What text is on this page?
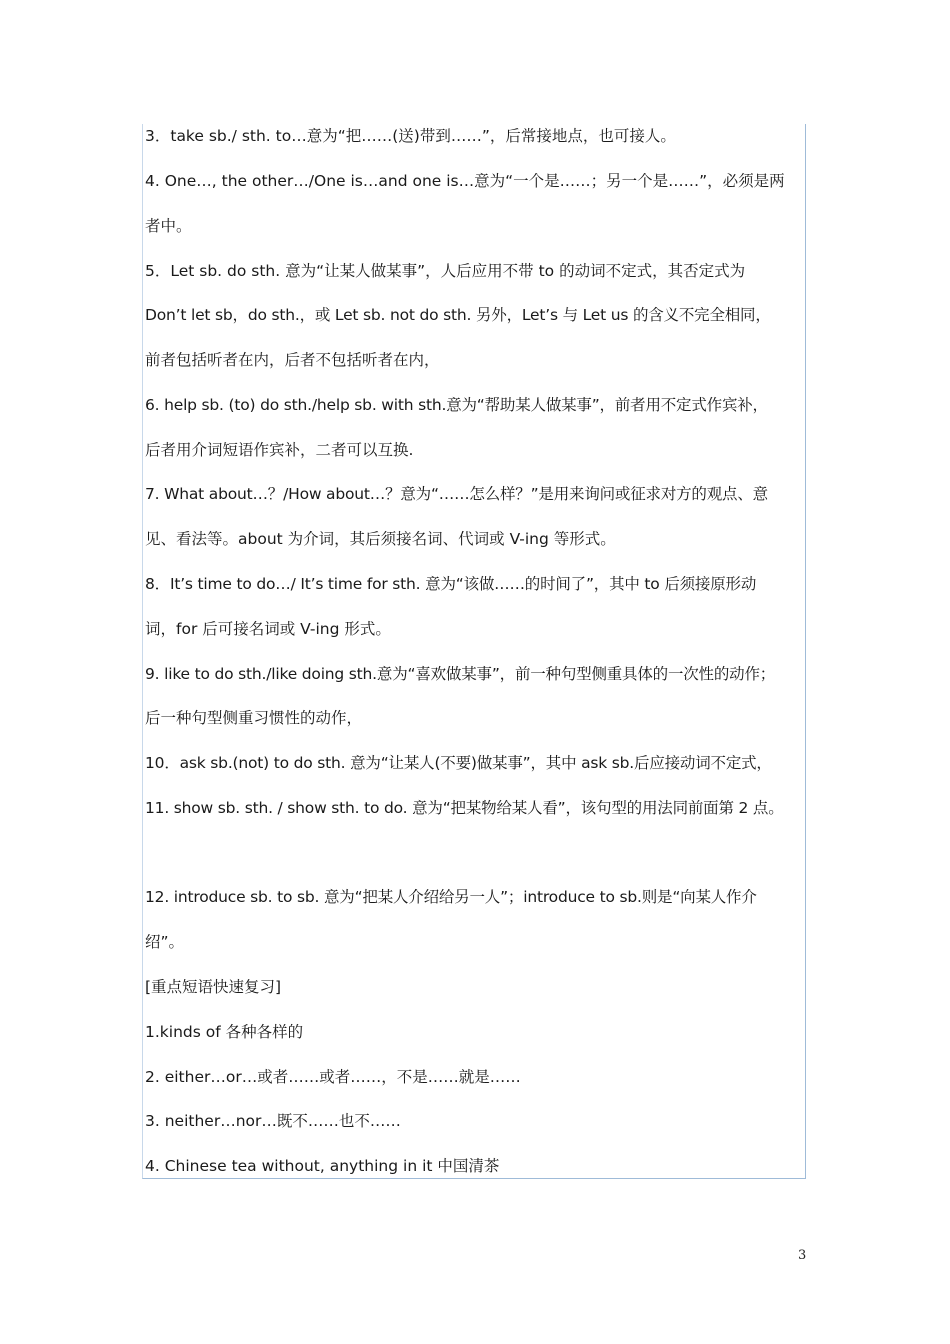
3．take sb./ sth. to…意为“把……(送)带到……”，后常接地点，也可接人。
4. One…, the other…/One is…and one is…意为“一个是……；另一个是……”，必须是两
者中。
5．Let sb. do sth. 意为“让某人做某事”，人后应用不带 to 的动词不定式，其否定式为
Don’t let sb，do sth.，或 Let sb. not do sth. 另外，Let’s 与 Let us 的含义不完全相同，
前者包括听者在内，后者不包括听者在内，
6. help sb. (to) do sth./help sb. with sth.意为“帮助某人做某事”，前者用不定式作宾补，
后者用介词短语作宾补，二者可以互换.
7. What about…？/How about…？意为“……怎么样？”是用来询问或征求对方的观点、意
见、看法等。about 为介词，其后须接名词、代词或 V-ing 等形式。
8．It’s time to do…/ It’s time for sth. 意为“该做……的时间了”，其中 to 后须接原形动
词，for 后可接名词或 V-ing 形式。
9. like to do sth./like doing sth.意为“喜欢做某事”，前一种句型侧重具体的一次性的动作；
后一种句型侧重习惯性的动作，
10．ask sb.(not) to do sth. 意为“让某人(不要)做某事”，其中 ask sb.后应接动词不定式，
11. show sb. sth. / show sth. to do. 意为“把某物给某人看”，该句型的用法同前面第 2 点。
12. introduce sb. to sb. 意为“把某人介绍给另一人”；introduce to sb.则是“向某人作介
绍”。
[重点短语快速复习]
1.kinds of 各种各样的
2. either…or…或者……或者……，不是……就是……
3. neither…nor…既不……也不……
4. Chinese tea without, anything in it 中国清茶
3
